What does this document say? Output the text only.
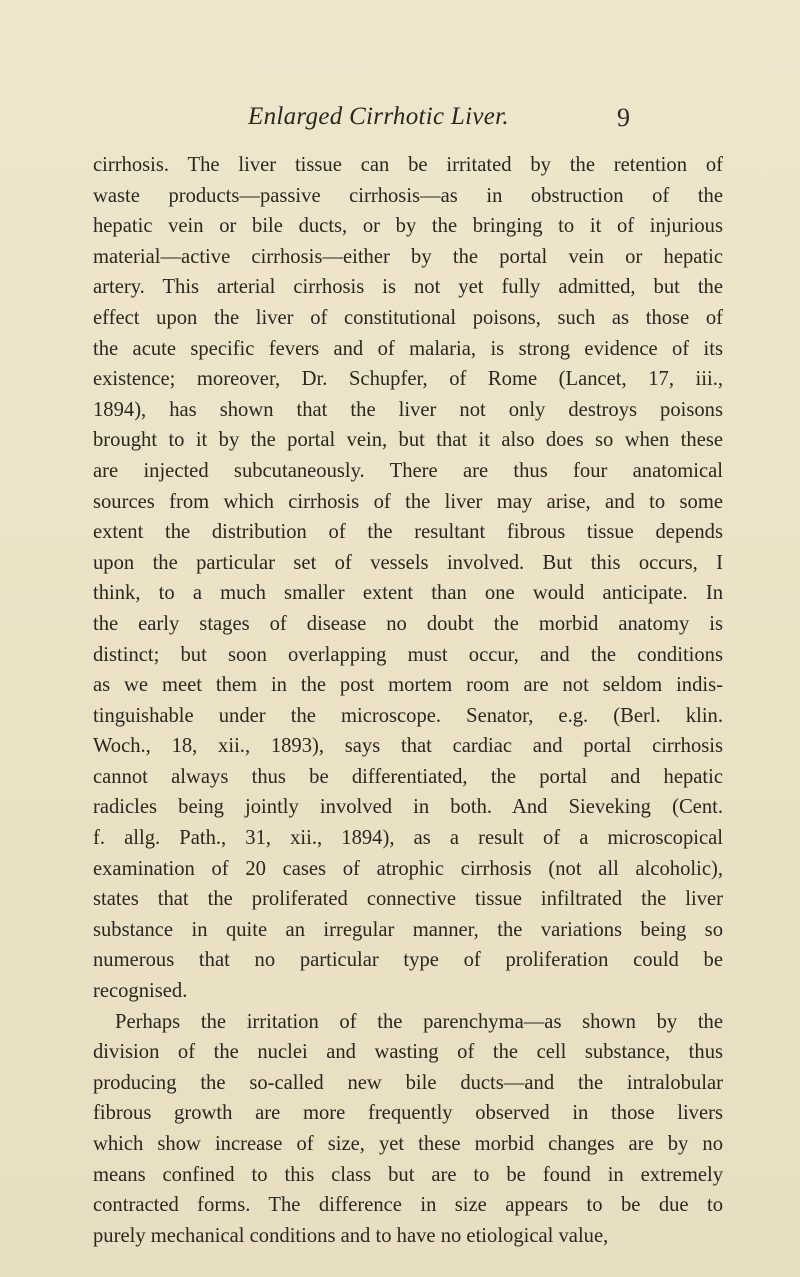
Enlarged Cirrhotic Liver.	9
cirrhosis. The liver tissue can be irritated by the retention of
waste products—passive cirrhosis—as in obstruction of the
hepatic vein or bile ducts, or by the bringing to it of injurious
material—active cirrhosis—either by the portal vein or hepatic
artery. This arterial cirrhosis is not yet fully admitted, but the
effect upon the liver of constitutional poisons, such as those of
the acute specific fevers and of malaria, is strong evidence of its
existence; moreover, Dr. Schupfer, of Rome (Lancet, 17, iii.,
1894), has shown that the liver not only destroys poisons
brought to it by the portal vein, but that it also does so when these
are injected subcutaneously. There are thus four anatomical
sources from which cirrhosis of the liver may arise, and to some
extent the distribution of the resultant fibrous tissue depends
upon the particular set of vessels involved. But this occurs, I
think, to a much smaller extent than one would anticipate. In
the early stages of disease no doubt the morbid anatomy is
distinct; but soon overlapping must occur, and the conditions
as we meet them in the post mortem room are not seldom indis-
tinguishable under the microscope. Senator, e.g. (Berl. klin.
Woch., 18, xii., 1893), says that cardiac and portal cirrhosis
cannot always thus be differentiated, the portal and hepatic
radicles being jointly involved in both. And Sieveking (Cent.
f. allg. Path., 31, xii., 1894), as a result of a microscopical
examination of 20 cases of atrophic cirrhosis (not all alcoholic),
states that the proliferated connective tissue infiltrated the liver
substance in quite an irregular manner, the variations being so
numerous that no particular type of proliferation could be
recognised.
Perhaps the irritation of the parenchyma—as shown by the
division of the nuclei and wasting of the cell substance, thus
producing the so-called new bile ducts—and the intralobular
fibrous growth are more frequently observed in those livers
which show increase of size, yet these morbid changes are by no
means confined to this class but are to be found in extremely
contracted forms. The difference in size appears to be due to
purely mechanical conditions and to have no etiological value,
